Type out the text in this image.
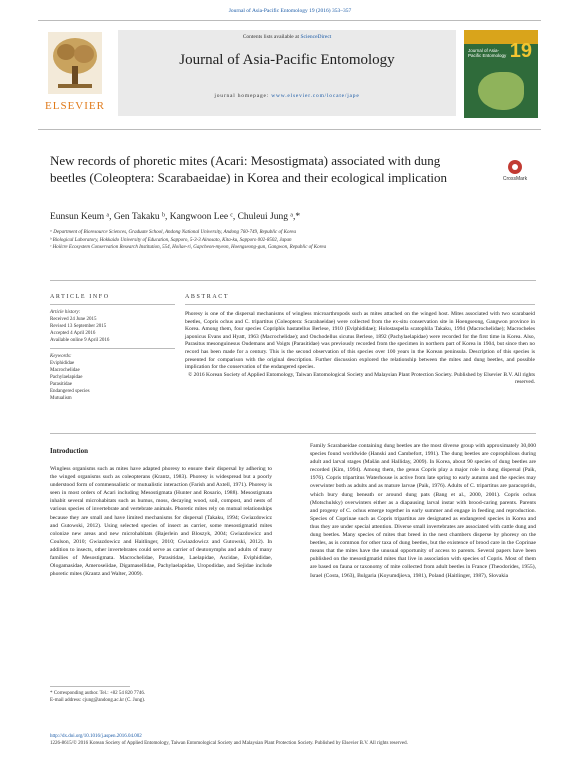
Journal of Asia-Pacific Entomology 19 (2016) 353–357
ELSEVIER
Contents lists available at ScienceDirect
Journal of Asia-Pacific Entomology
journal homepage: www.elsevier.com/locate/jape
19
Journal of Asia-Pacific Entomology
New records of phoretic mites (Acari: Mesostigmata) associated with dung beetles (Coleoptera: Scarabaeidae) in Korea and their ecological implication	CrossMark
Eunsun Keum ᵃ, Gen Takaku ᵇ, Kangwoon Lee ᶜ, Chuleui Jung ᵃ,*
ᵃ Department of Bioresource Sciences, Graduate School, Andong National University, Andong 760-749, Republic of Korea
ᵇ Biological Laboratory, Hokkaido University of Education, Sapporo, 5-3-3 Ainosato, Kita-ku, Sapporo 002-8502, Japan
ᶜ Hoilcre Ecosystem Conservation Research Institution, 554, Hoilae-ri, Gapcheon-myeon, Hoengseong-gun, Gangwon, Republic of Korea
ARTICLE INFO
Article history:
Received 24 June 2015
Revised 13 September 2015
Accepted 4 April 2016
Available online 9 April 2016
Keywords:
Eviphididae
Macrochelidae
Pachylaelapidae
Parasitidae
Endangered species
Mutualism
ABSTRACT
Phoresy is one of the dispersal mechanisms of wingless microarthropods such as mites attached on the winged host. Mites associated with two scarabaeid beetles, Copris ochus and C. tripartitus (Coleoptera: Scarabaeidae) were collected from the ex-situ conservation site in Hoengseong, Gangwon province in Korea. Among them, four species Copriphis hastatellus Berlese, 1910 (Eviphididae); Holostaspella scatophila Takaku, 1994 (Macrochelidae); Macrocheles japonicus Evans and Hyatt, 1963 (Macrochelidae); and Onchodellus sicutus Berlese, 1892 (Pachylaelapidae) were recorded for the first time in Korea. Also, Parasitus mesonguinesus Oudemans and Voigts (Parasitidae) was previously recorded from the specimen in northern part of Korea in 1904, but since then no record has been made for a century. This is the second observation of this species over 100 years in the Korean peninsula. Description of this species is presented for comparison with the original description. Further discussion explored the relationship between the mites and dung beetles, and possible implication for the conservation of the endangered species.
© 2016 Korean Society of Applied Entomology, Taiwan Entomological Society and Malaysian Plant Protection Society. Published by Elsevier B.V. All rights reserved.
Introduction
Wingless organisms such as mites have adapted phoresy to ensure their dispersal by adhering to the winged organisms such as coleopterans (Krantz, 1983). Phoresy is widespread but a poorly understood form of commensalistic or mutualistic interaction (Farish and Axtell, 1971). Phoresy is seen in most orders of Acari including Mesostigmata (Hunter and Rosario, 1988). Mesostigmata inhabit several microhabitats such as humus, moss, decaying wood, soil, compost, and nests of various species of invertebrate and vertebrate animals. Phoretic mites rely on mutual relationships because they are small and have limited mechanisms for dispersal (Takaku, 1994; Gwiazdowicz and Gutowski, 2012). Using selected species of insect as carrier, some mesostigmatid mites colonize new areas and new microhabitats (Bajerlein and Bloszyk, 2004; Gwiazdowicz and Coulson, 2010; Gwiazdowicz and Haitlinger, 2010; Gwiazdowicz and Gutowski, 2012). In addition to insects, other invertebrates could serve as carrier of deutonymphs and adults of many families of Mesostigmata. Macrochelidae, Parasitidae, Laelapidae, Ascidae, Eviphididae, Ologamasidae, Ameroseiidae, Digamasellidae, Pachylaelapidae, Uropodidae, and Sejidae include phoretic mites (Krantz and Walter, 2009).
Family Scarabaeidae containing dung beetles are the most diverse group with approximately 30,000 species found worldwide (Hanski and Cambefort, 1991). The dung beetles are coprophilous during adult and larval stages (Mašán and Halliday, 2009). In Korea, about 90 species of dung beetles are recorded (Kim, 1994). Among them, the genus Copris play a major role in dung dispersal (Paik, 1976). Copris tripartitus Waterhouse is active from late spring to early autumn and the species may overwinter both as adults and as mature larvae (Paik, 1976). Adults of C. tripartitus are paracoprids, which bury dung beneath or around dung pats (Bang et al., 2000, 2001). Copris ochus (Motschulsky) overwinters either as a diapausing larval instar with brood-caring parents. Parents and progeny of C. ochus emerge together in early summer and engage in feeding and reproduction. Species of Coprinae such as Copris tripartitus are designated as endangered species in Korea and thus they are under special attention. Diverse small invertebrates are associated with cattle dung and dung beetles. Many species of mites that breed in the nest chambers disperse by phoresy on the beetles, as is common for other taxa of dung beetles, but the existence of brood care in the Coprinae means that the mites have the unusual opportunity of access to parents. Several papers have been published on the mesostigmatid mites that live in association with species of Copris. Most of them are based on fauna or taxonomy of mite collected from adult beetles in France (Theodorides, 1955), Israel (Costa, 1963), Bulgaria (Koyumdjieva, 1981), Poland (Haitlinger, 1987), Slovakia
* Corresponding author. Tel.: +82 54 820 7746.
E-mail address: cjung@andong.ac.kr (C. Jung).
http://dx.doi.org/10.1016/j.aspen.2016.04.002
1226-8615/© 2016 Korean Society of Applied Entomology, Taiwan Entomological Society and Malaysian Plant Protection Society. Published by Elsevier B.V. All rights reserved.
